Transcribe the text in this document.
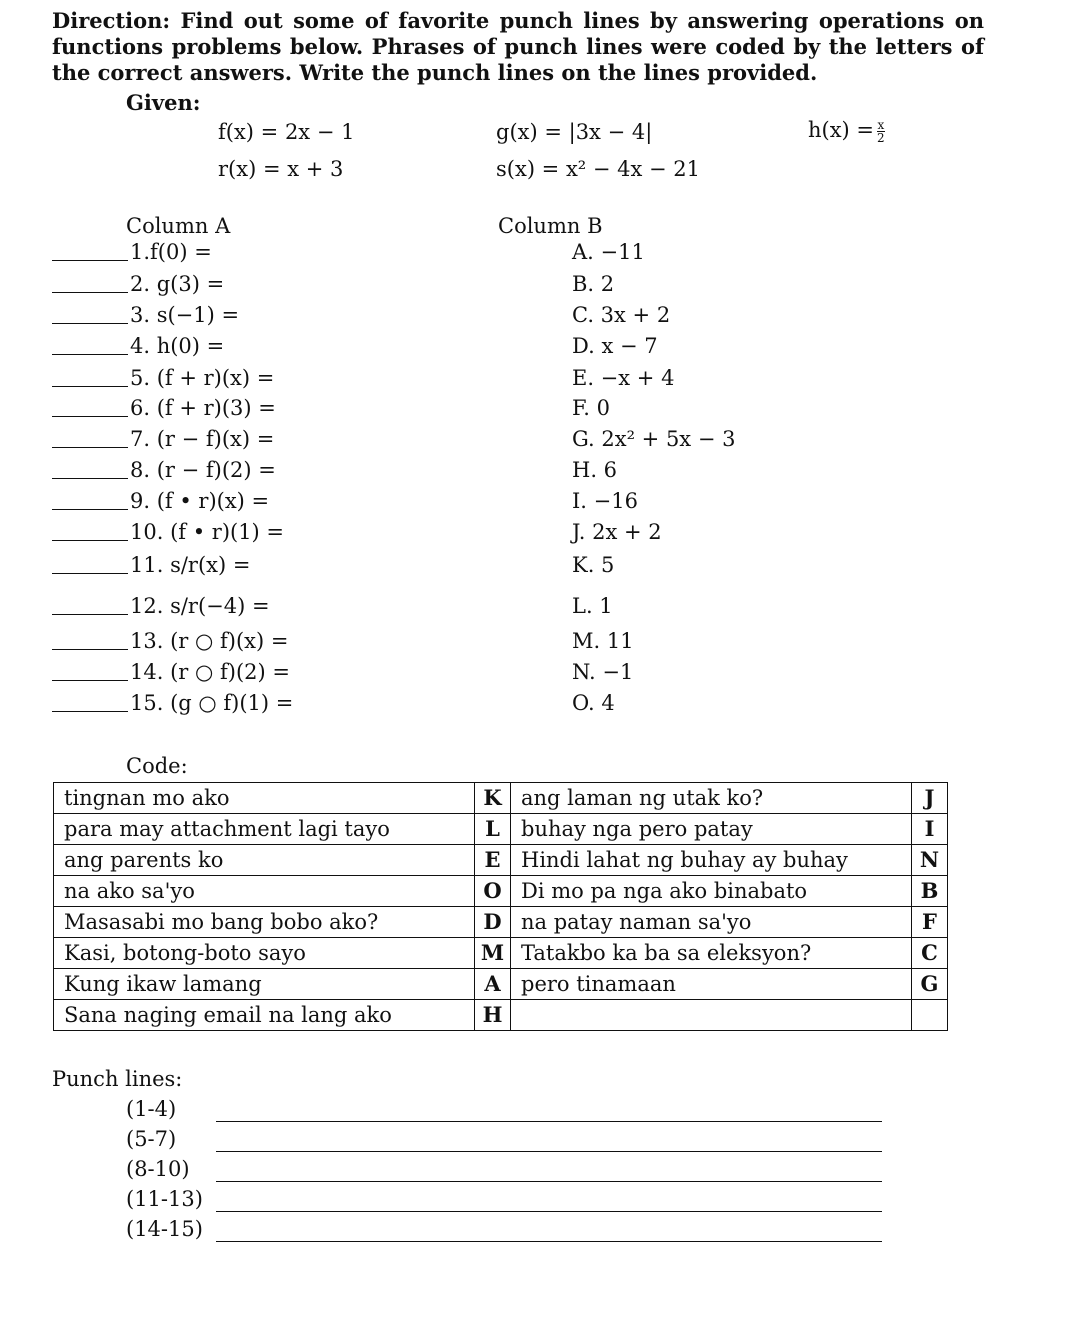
Direction: Find out some of favorite punch lines by answering operations on functions problems below. Phrases of punch lines were coded by the letters of the correct answers. Write the punch lines on the lines provided.
Given:
f(x) = 2x − 1	g(x) = |3x − 4|	$h(x) = \frac{x}{2}$
r(x) = x + 3	s(x) = x² − 4x − 21
Column A	Column B
1.f(0) =	A. −11
2. g(3) =	B. 2
3. s(−1) =	C. 3x + 2
4. h(0) =	D. x − 7
5. (f + r)(x) =	E. −x + 4
6. (f + r)(3) =	F. 0
7. (r − f)(x) =	G. 2x² + 5x − 3
8. (r − f)(2) =	H. 6
9. (f • r)(x) =	I. −16
10. (f • r)(1) =	J. 2x + 2
11. s/r(x) =	K. 5
12. s/r(−4) =	L. 1
13. (r ○ f)(x) =	M. 11
14. (r ○ f)(2) =	N. −1
15. (g ○ f)(1) =	O. 4
Code:
tingnan mo ako	K	ang laman ng utak ko?	J
para may attachment lagi tayo	L	buhay nga pero patay	I
ang parents ko	E	Hindi lahat ng buhay ay buhay	N
na ako sa'yo	O	Di mo pa nga ako binabato	B
Masasabi mo bang bobo ako?	D	na patay naman sa'yo	F
Kasi, botong-boto sayo	M	Tatakbo ka ba sa eleksyon?	C
Kung ikaw lamang	A	pero tinamaan	G
Sana naging email na lang ako	H		
Punch lines:
(1-4)
(5-7)
(8-10)
(11-13)
(14-15)
